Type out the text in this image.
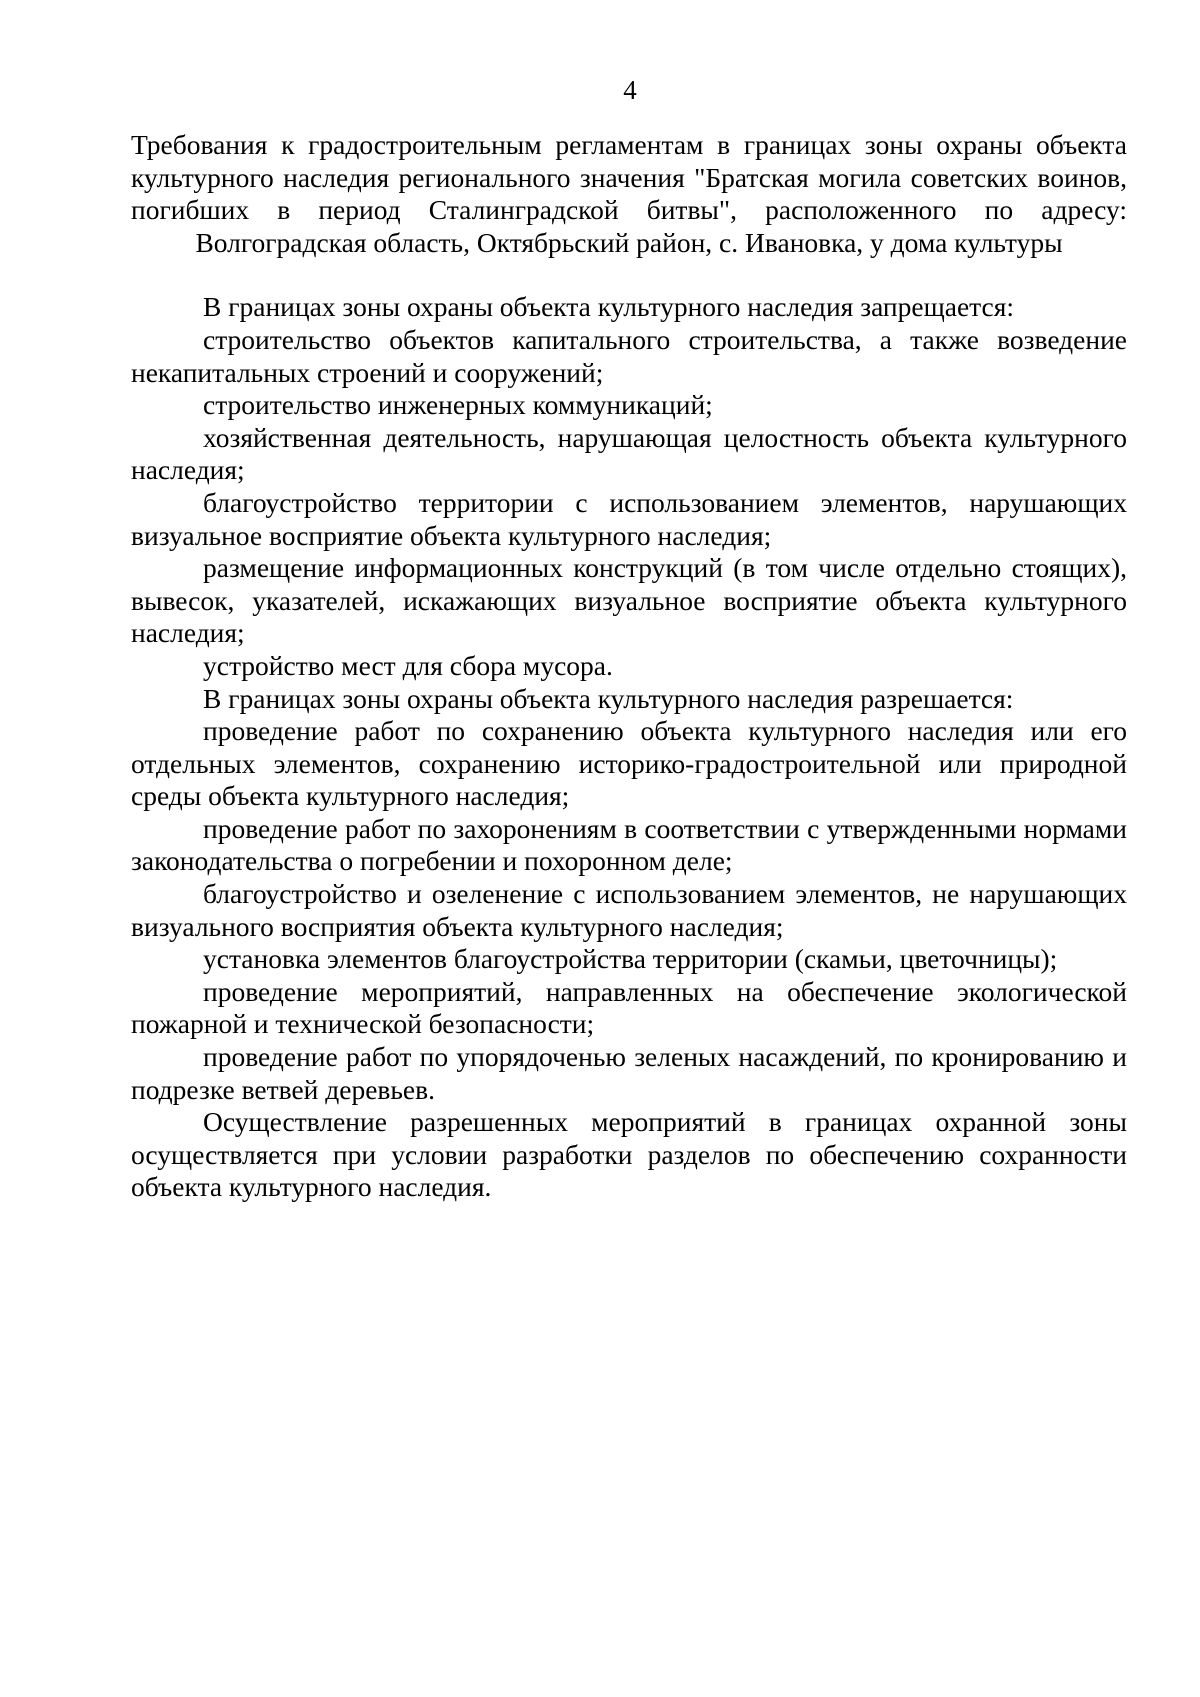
4

Требования к градостроительным регламентам в границах зоны охраны объекта культурного наследия регионального значения "Братская могила советских воинов, погибших в период Сталинградской битвы", расположенного по адресу: Волгоградская область, Октябрьский район, с. Ивановка, у дома культуры

В границах зоны охраны объекта культурного наследия запрещается:

строительство объектов капитального строительства, а также возведение некапитальных строений и сооружений;

строительство инженерных коммуникаций;

хозяйственная деятельность, нарушающая целостность объекта культурного наследия;

благоустройство территории с использованием элементов, нарушающих визуальное восприятие объекта культурного наследия;

размещение информационных конструкций (в том числе отдельно стоящих), вывесок, указателей, искажающих визуальное восприятие объекта культурного наследия;

устройство мест для сбора мусора.

В границах зоны охраны объекта культурного наследия разрешается:

проведение работ по сохранению объекта культурного наследия или его отдельных элементов, сохранению историко-градостроительной или природной среды объекта культурного наследия;

проведение работ по захоронениям в соответствии с утвержденными нормами законодательства о погребении и похоронном деле;

благоустройство и озеленение с использованием элементов, не нарушающих визуального восприятия объекта культурного наследия;

установка элементов благоустройства территории (скамьи, цветочницы);

проведение мероприятий, направленных на обеспечение экологической пожарной и технической безопасности;

проведение работ по упорядоченью зеленых насаждений, по кронированию и подрезке ветвей деревьев.

Осуществление разрешенных мероприятий в границах охранной зоны осуществляется при условии разработки разделов по обеспечению сохранности объекта культурного наследия.
